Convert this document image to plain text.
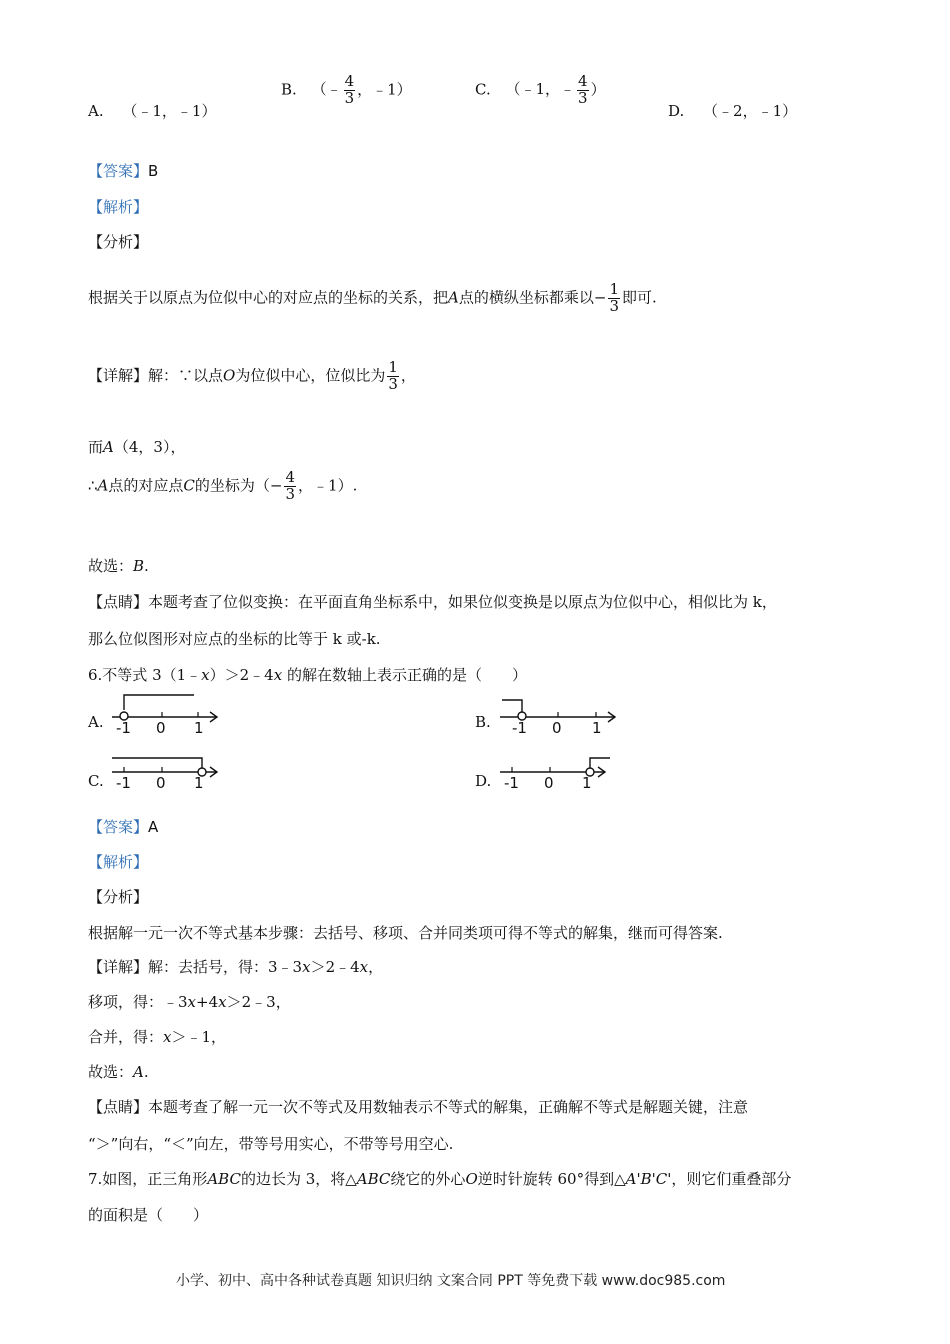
A. （﹣1，﹣1）
B. （﹣ $\frac{4}{3}$ ，﹣1）	C. （﹣1，﹣ $\frac{4}{3}$ ）
D. （﹣2，﹣1）
【答案】B
【解析】
【分析】
根据关于以原点为位似中心的对应点的坐标的关系，把A点的横纵坐标都乘以− $\frac{1}{3}$ 即可.
【详解】解：∵以点O为位似中心，位似比为 $\frac{1}{3}$ ，
而A（4，3），
∴A点的对应点C的坐标为（− $\frac{4}{3}$ ，﹣1）.
故选：B.
【点睛】本题考查了位似变换：在平面直角坐标系中，如果位似变换是以原点为位似中心，相似比为 k，
那么位似图形对应点的坐标的比等于 k 或-k.
6.不等式 3（1﹣x）＞2﹣4x 的解在数轴上表示正确的是（　　）
A. -1 0 1	B. -1 0 1
C. -1 0 1	D. -1 0 1
【答案】A
【解析】
【分析】
根据解一元一次不等式基本步骤：去括号、移项、合并同类项可得不等式的解集，继而可得答案.
【详解】解：去括号，得：3﹣3x＞2﹣4x，
移项，得：﹣3x+4x＞2﹣3，
合并，得：x＞﹣1，
故选：A.
【点睛】本题考查了解一元一次不等式及用数轴表示不等式的解集，正确解不等式是解题关键，注意
“＞”向右，“＜”向左，带等号用实心，不带等号用空心.
7.如图，正三角形ABC的边长为 3，将△ABC绕它的外心O逆时针旋转 60°得到△A'B'C'，则它们重叠部分
的面积是（　　）
小学、初中、高中各种试卷真题 知识归纳 文案合同 PPT 等免费下载 www.doc985.com
